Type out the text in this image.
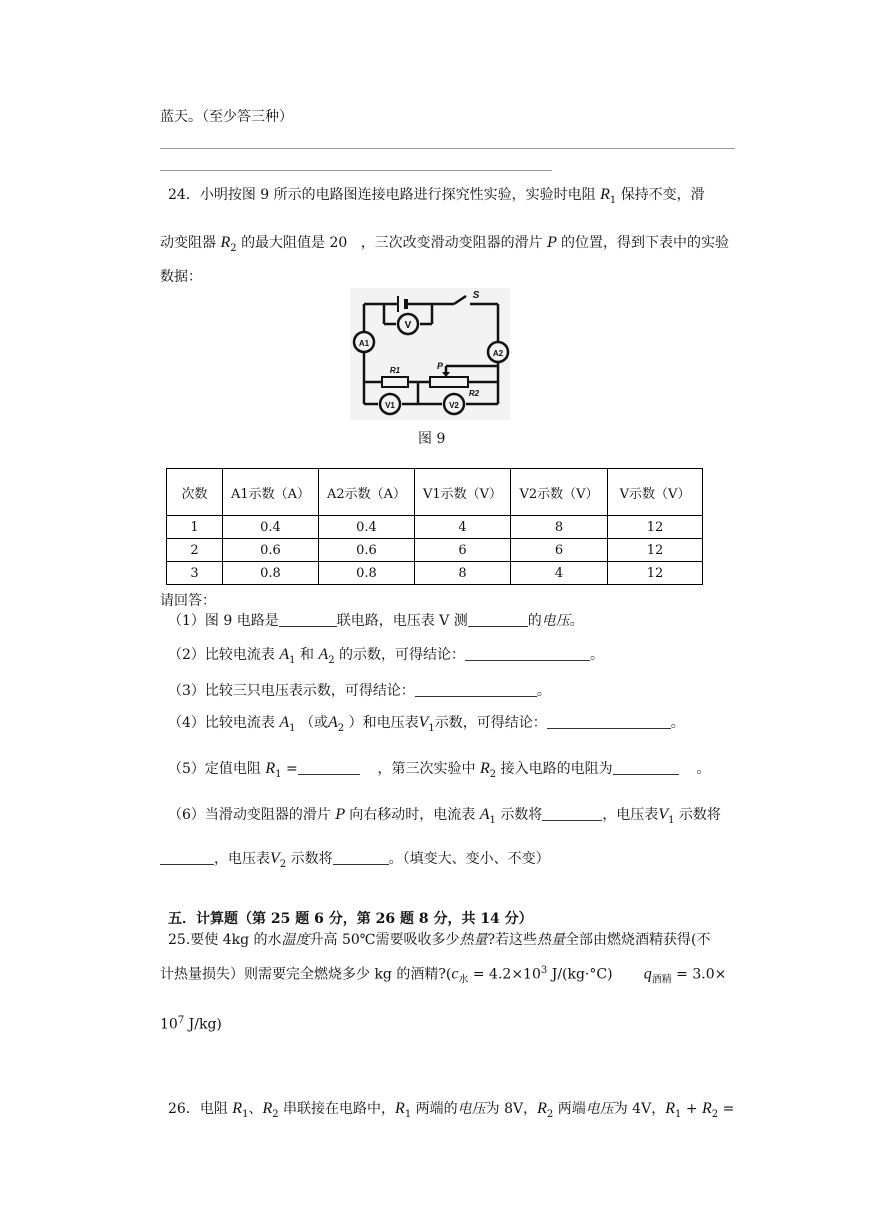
蓝天。（至少答三种）
24．小明按图 9 所示的电路图连接电路进行探究性实验，实验时电阻 $R_1$ 保持不变，滑
动变阻器 $R_2$ 的最大阻值是 20 ，三次改变滑动变阻器的滑片 P 的位置，得到下表中的实验
数据：
V
A1
A2
V1	V2
S
R1	P
R2
图 9
次数	A1示数（A）	A2示数（A）	V1示数（V）	V2示数（V）	V示数（V）
1	0.4	0.4	4	8	12
2	0.6	0.6	6	6	12
3	0.8	0.8	8	4	12
请回答：
（1）图 9 电路是	联电路，电压表 V 测	的电压。
（2）比较电流表 $A_1$ 和 $A_2$ 的示数，可得结论：	。
（3）比较三只电压表示数，可得结论：	。
（4）比较电流表 $A_1$ （或$A_2$ ）和电压表$V_1$示数，可得结论：	。
（5）定值电阻 $R_1$ =	，第三次实验中 $R_2$ 接入电路的电阻为	。
（6）当滑动变阻器的滑片 P 向右移动时，电流表 $A_1$ 示数将	，电压表$V_1$ 示数将
，电压表$V_2$ 示数将	。（填变大、变小、不变）
五．计算题（第 25 题 6 分，第 26 题 8 分，共 14 分）
25.要使 4kg 的水温度升高 50℃需要吸收多少热量?若这些热量全部由燃烧酒精获得(不
计热量损失）则需要完全燃烧多少 kg 的酒精$?(c_水 = 4.2\times 10^3$ J/(kg·°C) $q_{酒精} = 3.0\times$
$10^7$ J/kg)
26．电阻 $R_1$、$R_2$ 串联接在电路中，$R_1$ 两端的电压为 8V，$R_2$ 两端电压为 4V，$R_1 + R_2$ =
